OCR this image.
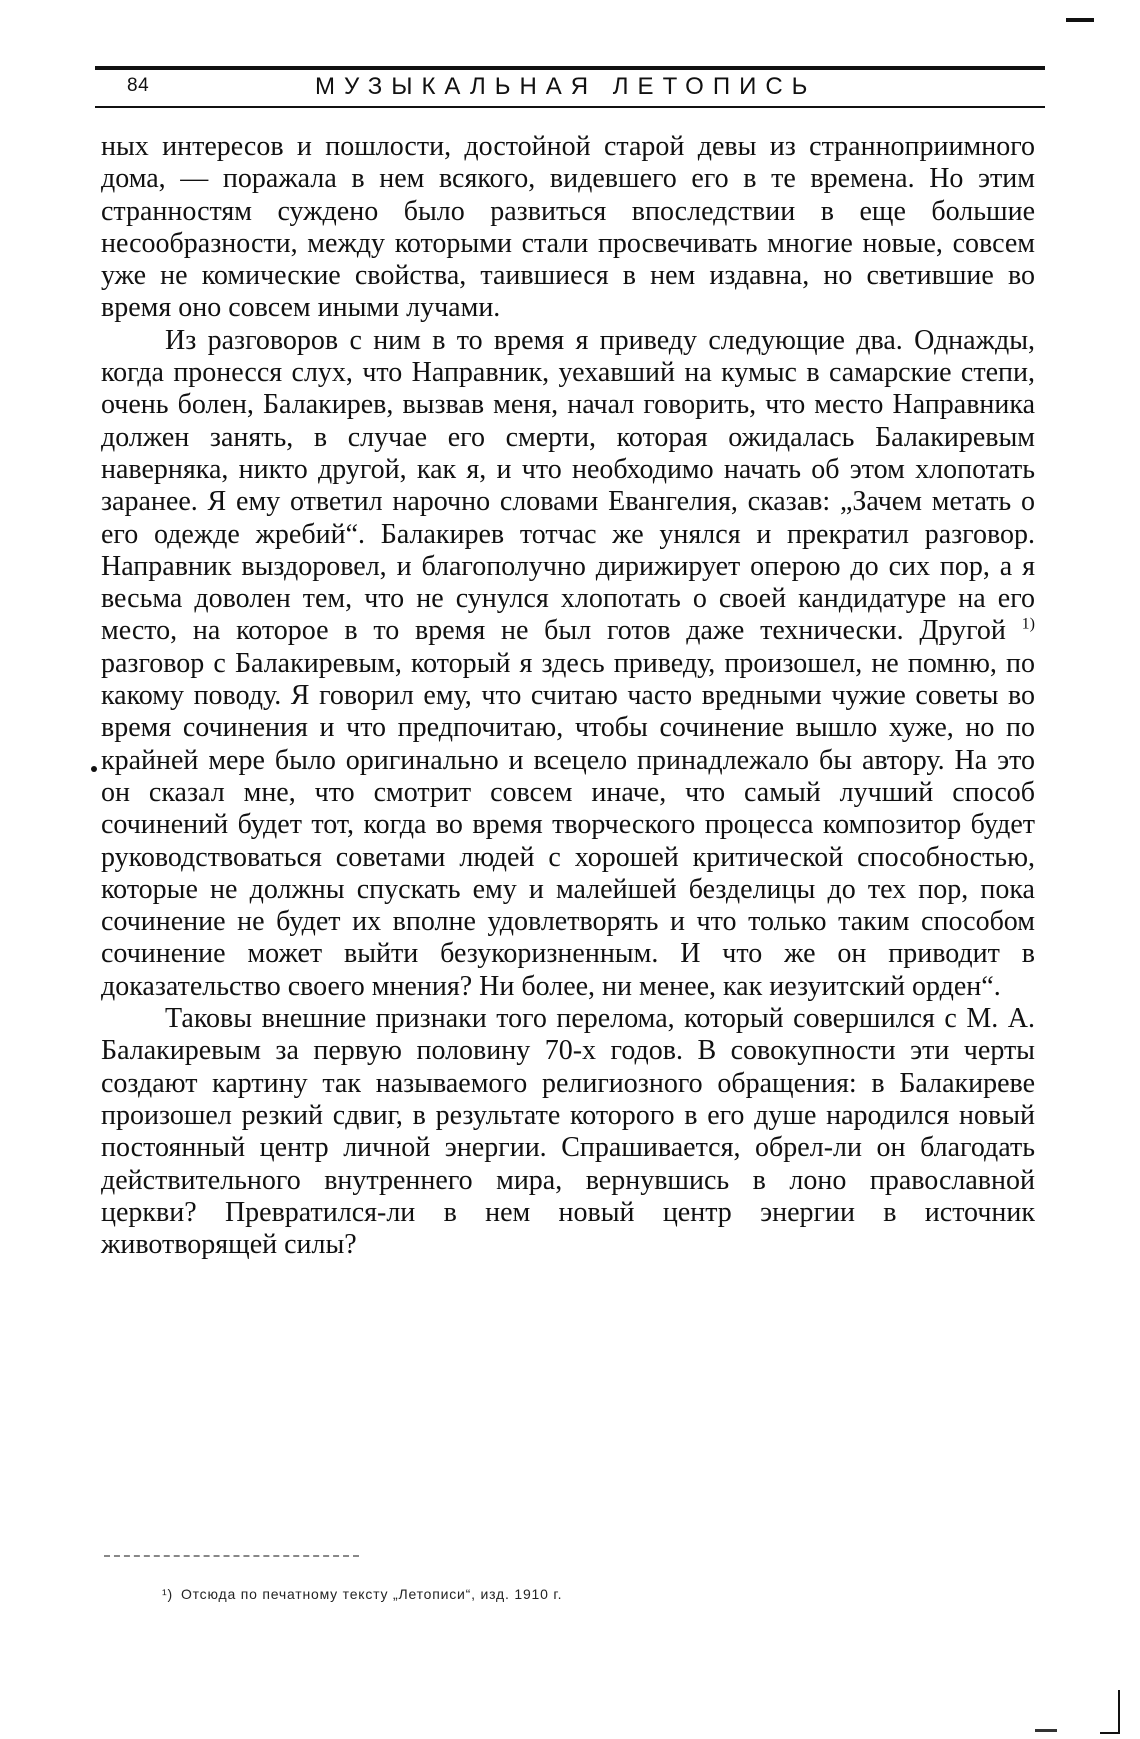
84	МУЗЫКАЛЬНАЯ ЛЕТОПИСЬ

ных интересов и пошлости, достойной старой девы из странноприимного дома, — поражала в нем всякого, видевшего его в те времена. Но этим странностям суждено было развиться впоследствии в еще большие несообразности, между которыми стали просвечивать многие новые, совсем уже не комические свойства, таившиеся в нем издавна, но светившие во время оно совсем иными лучами.

Из разговоров с ним в то время я приведу следующие два. Однажды, когда пронесся слух, что Направник, уехавший на кумыс в самарские степи, очень болен, Балакирев, вызвав меня, начал говорить, что место Направника должен занять, в случае его смерти, которая ожидалась Балакиревым наверняка, никто другой, как я, и что необходимо начать об этом хлопотать заранее. Я ему ответил нарочно словами Евангелия, сказав: „Зачем метать о его одежде жребий“. Балакирев тотчас же унялся и прекратил разговор. Направник выздоровел, и благополучно дирижирует оперою до сих пор, а я весьма доволен тем, что не сунулся хлопотать о своей кандидатуре на его место, на которое в то время не был готов даже технически. Другой $^{1)}$ разговор с Балакиревым, который я здесь приведу, произошел, не помню, по какому поводу. Я говорил ему, что считаю часто вредными чужие советы во время сочинения и что предпочитаю, чтобы сочинение вышло хуже, но по крайней мере было оригинально и всецело принадлежало бы автору. На это он сказал мне, что смотрит совсем иначе, что самый лучший способ сочинений будет тот, когда во время творческого процесса композитор будет руководствоваться советами людей с хорошей критической способностью, которые не должны спускать ему и малейшей безделицы до тех пор, пока сочинение не будет их вполне удовлетворять и что только таким способом сочинение может выйти безукоризненным. И что же он приводит в доказательство своего мнения? Ни более, ни менее, как иезуитский орден“.

Таковы внешние признаки того перелома, который совершился с М. А. Балакиревым за первую половину 70-х годов. В совокупности эти черты создают картину так называемого религиозного обращения: в Балакиреве произошел резкий сдвиг, в результате которого в его душе народился новый постоянный центр личной энергии. Спрашивается, обрел-ли он благодать действительного внутреннего мира, вернувшись в лоно православной церкви? Превратился-ли в нем новый центр энергии в источник животворящей силы?

¹) Отсюда по печатному тексту „Летописи“, изд. 1910 г.
